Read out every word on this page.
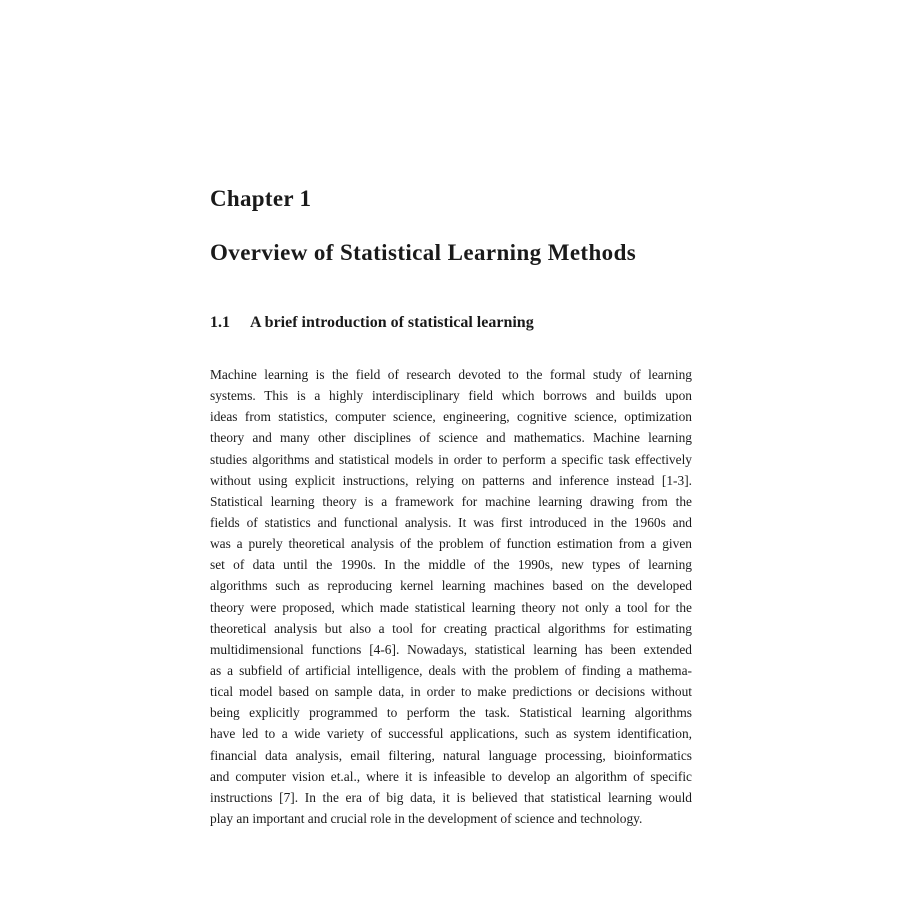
Chapter 1
Overview of Statistical Learning Methods
1.1 A brief introduction of statistical learning
Machine learning is the field of research devoted to the formal study of learning
systems. This is a highly interdisciplinary field which borrows and builds upon
ideas from statistics, computer science, engineering, cognitive science, optimization
theory and many other disciplines of science and mathematics. Machine learning
studies algorithms and statistical models in order to perform a specific task effectively
without using explicit instructions, relying on patterns and inference instead [1-3].
Statistical learning theory is a framework for machine learning drawing from the
fields of statistics and functional analysis. It was first introduced in the 1960s and
was a purely theoretical analysis of the problem of function estimation from a given
set of data until the 1990s. In the middle of the 1990s, new types of learning
algorithms such as reproducing kernel learning machines based on the developed
theory were proposed, which made statistical learning theory not only a tool for the
theoretical analysis but also a tool for creating practical algorithms for estimating
multidimensional functions [4-6]. Nowadays, statistical learning has been extended
as a subfield of artificial intelligence, deals with the problem of finding a mathema-
tical model based on sample data, in order to make predictions or decisions without
being explicitly programmed to perform the task. Statistical learning algorithms
have led to a wide variety of successful applications, such as system identification,
financial data analysis, email filtering, natural language processing, bioinformatics
and computer vision et.al., where it is infeasible to develop an algorithm of specific
instructions [7]. In the era of big data, it is believed that statistical learning would
play an important and crucial role in the development of science and technology.
